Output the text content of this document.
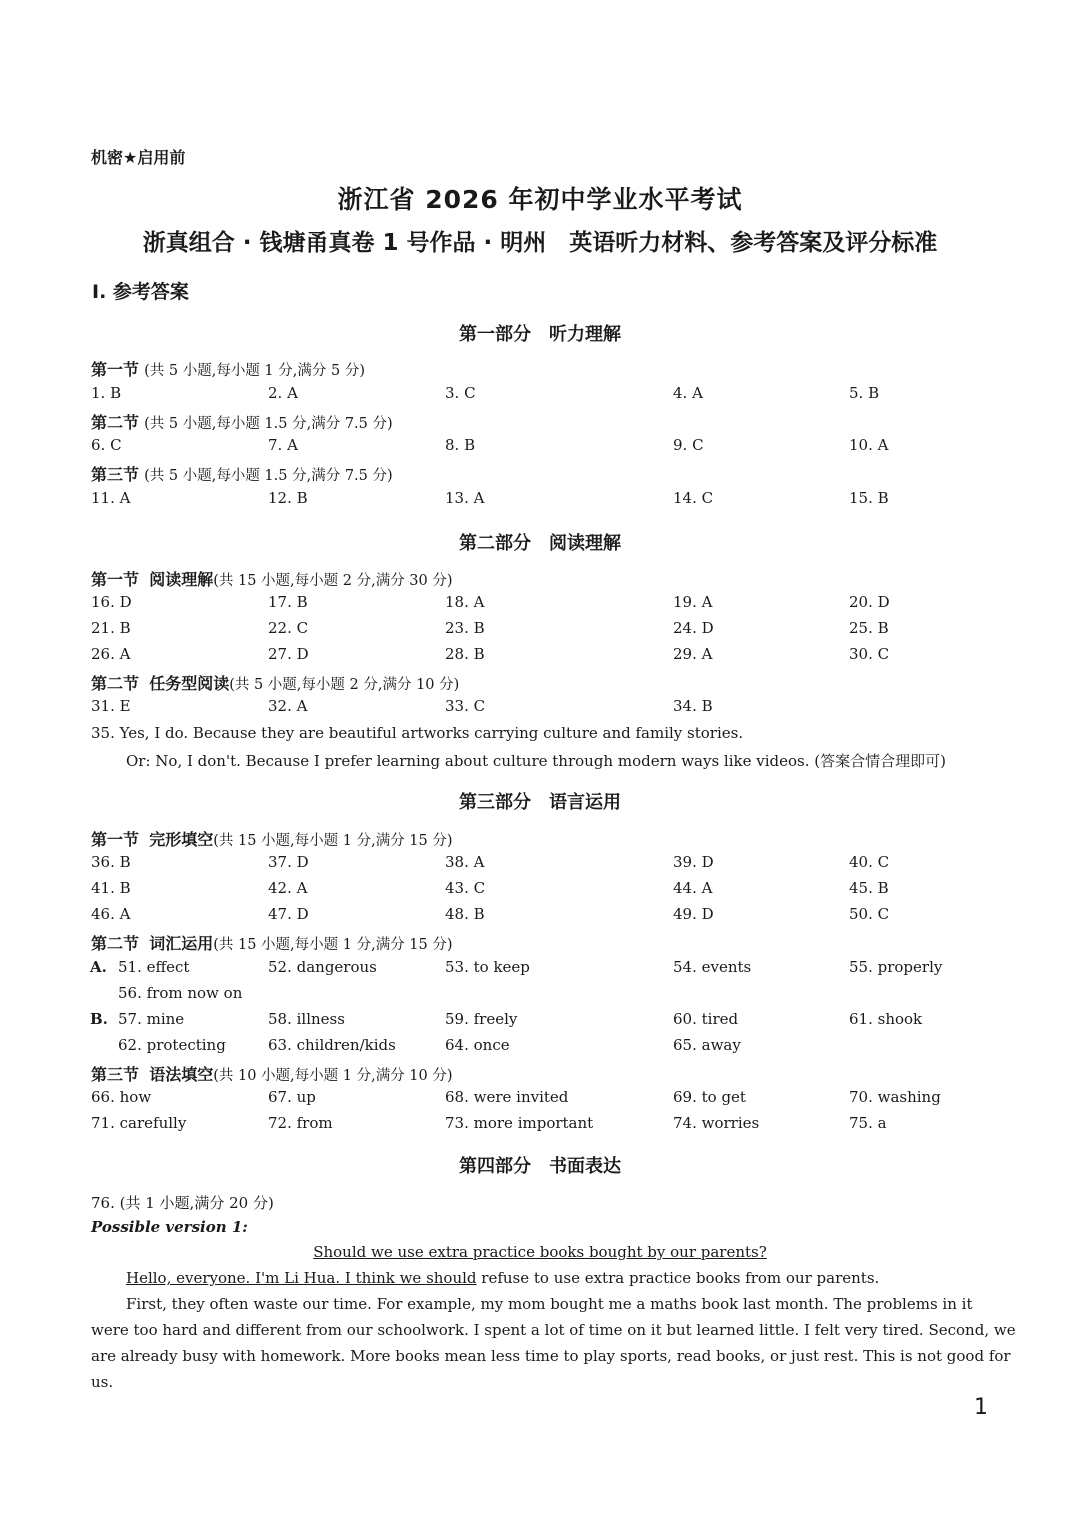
机密★启用前
浙江省 2026 年初中学业水平考试
浙真组合 · 钱塘甬真卷 1 号作品 · 明州　英语听力材料、参考答案及评分标准
Ⅰ. 参考答案
第一部分　听力理解
第一节 (共 5 小题,每小题 1 分,满分 5 分)
1. B	2. A	3. C	4. A	5. B
第二节 (共 5 小题,每小题 1.5 分,满分 7.5 分)
6. C	7. A	8. B	9. C	10. A
第三节 (共 5 小题,每小题 1.5 分,满分 7.5 分)
11. A	12. B	13. A	14. C	15. B
第二部分　阅读理解
第一节 阅读理解(共 15 小题,每小题 2 分,满分 30 分)
16. D	17. B	18. A	19. A	20. D
21. B	22. C	23. B	24. D	25. B
26. A	27. D	28. B	29. A	30. C
第二节 任务型阅读(共 5 小题,每小题 2 分,满分 10 分)
31. E	32. A	33. C	34. B
35. Yes, I do. Because they are beautiful artworks carrying culture and family stories.
Or: No, I don't. Because I prefer learning about culture through modern ways like videos. (答案合情合理即可)
第三部分　语言运用
第一节 完形填空(共 15 小题,每小题 1 分,满分 15 分)
36. B	37. D	38. A	39. D	40. C
41. B	42. A	43. C	44. A	45. B
46. A	47. D	48. B	49. D	50. C
第二节 词汇运用(共 15 小题,每小题 1 分,满分 15 分)
A. 51. effect	52. dangerous	53. to keep	54. events	55. properly
56. from now on
B. 57. mine	58. illness	59. freely	60. tired	61. shook
62. protecting	63. children/kids	64. once	65. away
第三节 语法填空(共 10 小题,每小题 1 分,满分 10 分)
66. how	67. up	68. were invited	69. to get	70. washing
71. carefully	72. from	73. more important	74. worries	75. a
第四部分　书面表达
76. (共 1 小题,满分 20 分)
Possible version 1:
Should we use extra practice books bought by our parents?
Hello, everyone. I'm Li Hua. I think we should refuse to use extra practice books from our parents.
First, they often waste our time. For example, my mom bought me a maths book last month. The problems in it
were too hard and different from our schoolwork. I spent a lot of time on it but learned little. I felt very tired. Second, we
are already busy with homework. More books mean less time to play sports, read books, or just rest. This is not good for
us.
1
